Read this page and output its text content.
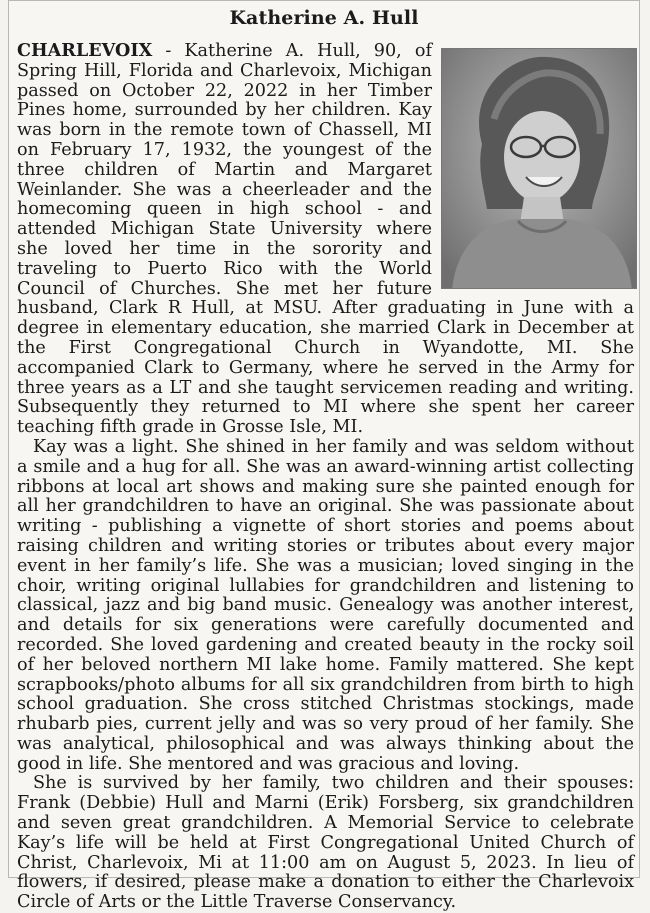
Katherine A. Hull

CHARLEVOIX - Katherine A. Hull, 90, of Spring Hill, Florida and Charlevoix, Michigan passed on October 22, 2022 in her Timber Pines home, surrounded by her children. Kay was born in the remote town of Chassell, MI on February 17, 1932, the youngest of the three children of Martin and Margaret Weinlander. She was a cheerleader and the homecoming queen in high school - and attended Michigan State University where she loved her time in the sorority and traveling to Puerto Rico with the World Council of Churches. She met her future husband, Clark R Hull, at MSU. After graduating in June with a degree in elementary education, she married Clark in December at the First Congregational Church in Wyandotte, MI. She accompanied Clark to Germany, where he served in the Army for three years as a LT and she taught servicemen reading and writing. Subsequently they returned to MI where she spent her career teaching fifth grade in Grosse Isle, MI.

Kay was a light. She shined in her family and was seldom without a smile and a hug for all. She was an award-winning artist collecting ribbons at local art shows and making sure she painted enough for all her grandchildren to have an original. She was passionate about writing - publishing a vignette of short stories and poems about raising children and writing stories or tributes about every major event in her family’s life. She was a musician; loved singing in the choir, writing original lullabies for grandchildren and listening to classical, jazz and big band music. Genealogy was another interest, and details for six generations were carefully documented and recorded. She loved gardening and created beauty in the rocky soil of her beloved northern MI lake home. Family mattered. She kept scrapbooks/photo albums for all six grandchildren from birth to high school graduation. She cross stitched Christmas stockings, made rhubarb pies, current jelly and was so very proud of her family. She was analytical, philosophical and was always thinking about the good in life. She mentored and was gracious and loving.

She is survived by her family, two children and their spouses: Frank (Debbie) Hull and Marni (Erik) Forsberg, six grandchildren and seven great grandchildren. A Memorial Service to celebrate Kay’s life will be held at First Congregational United Church of Christ, Charlevoix, Mi at 11:00 am on August 5, 2023. In lieu of flowers, if desired, please make a donation to either the Charlevoix Circle of Arts or the Little Traverse Conservancy.
